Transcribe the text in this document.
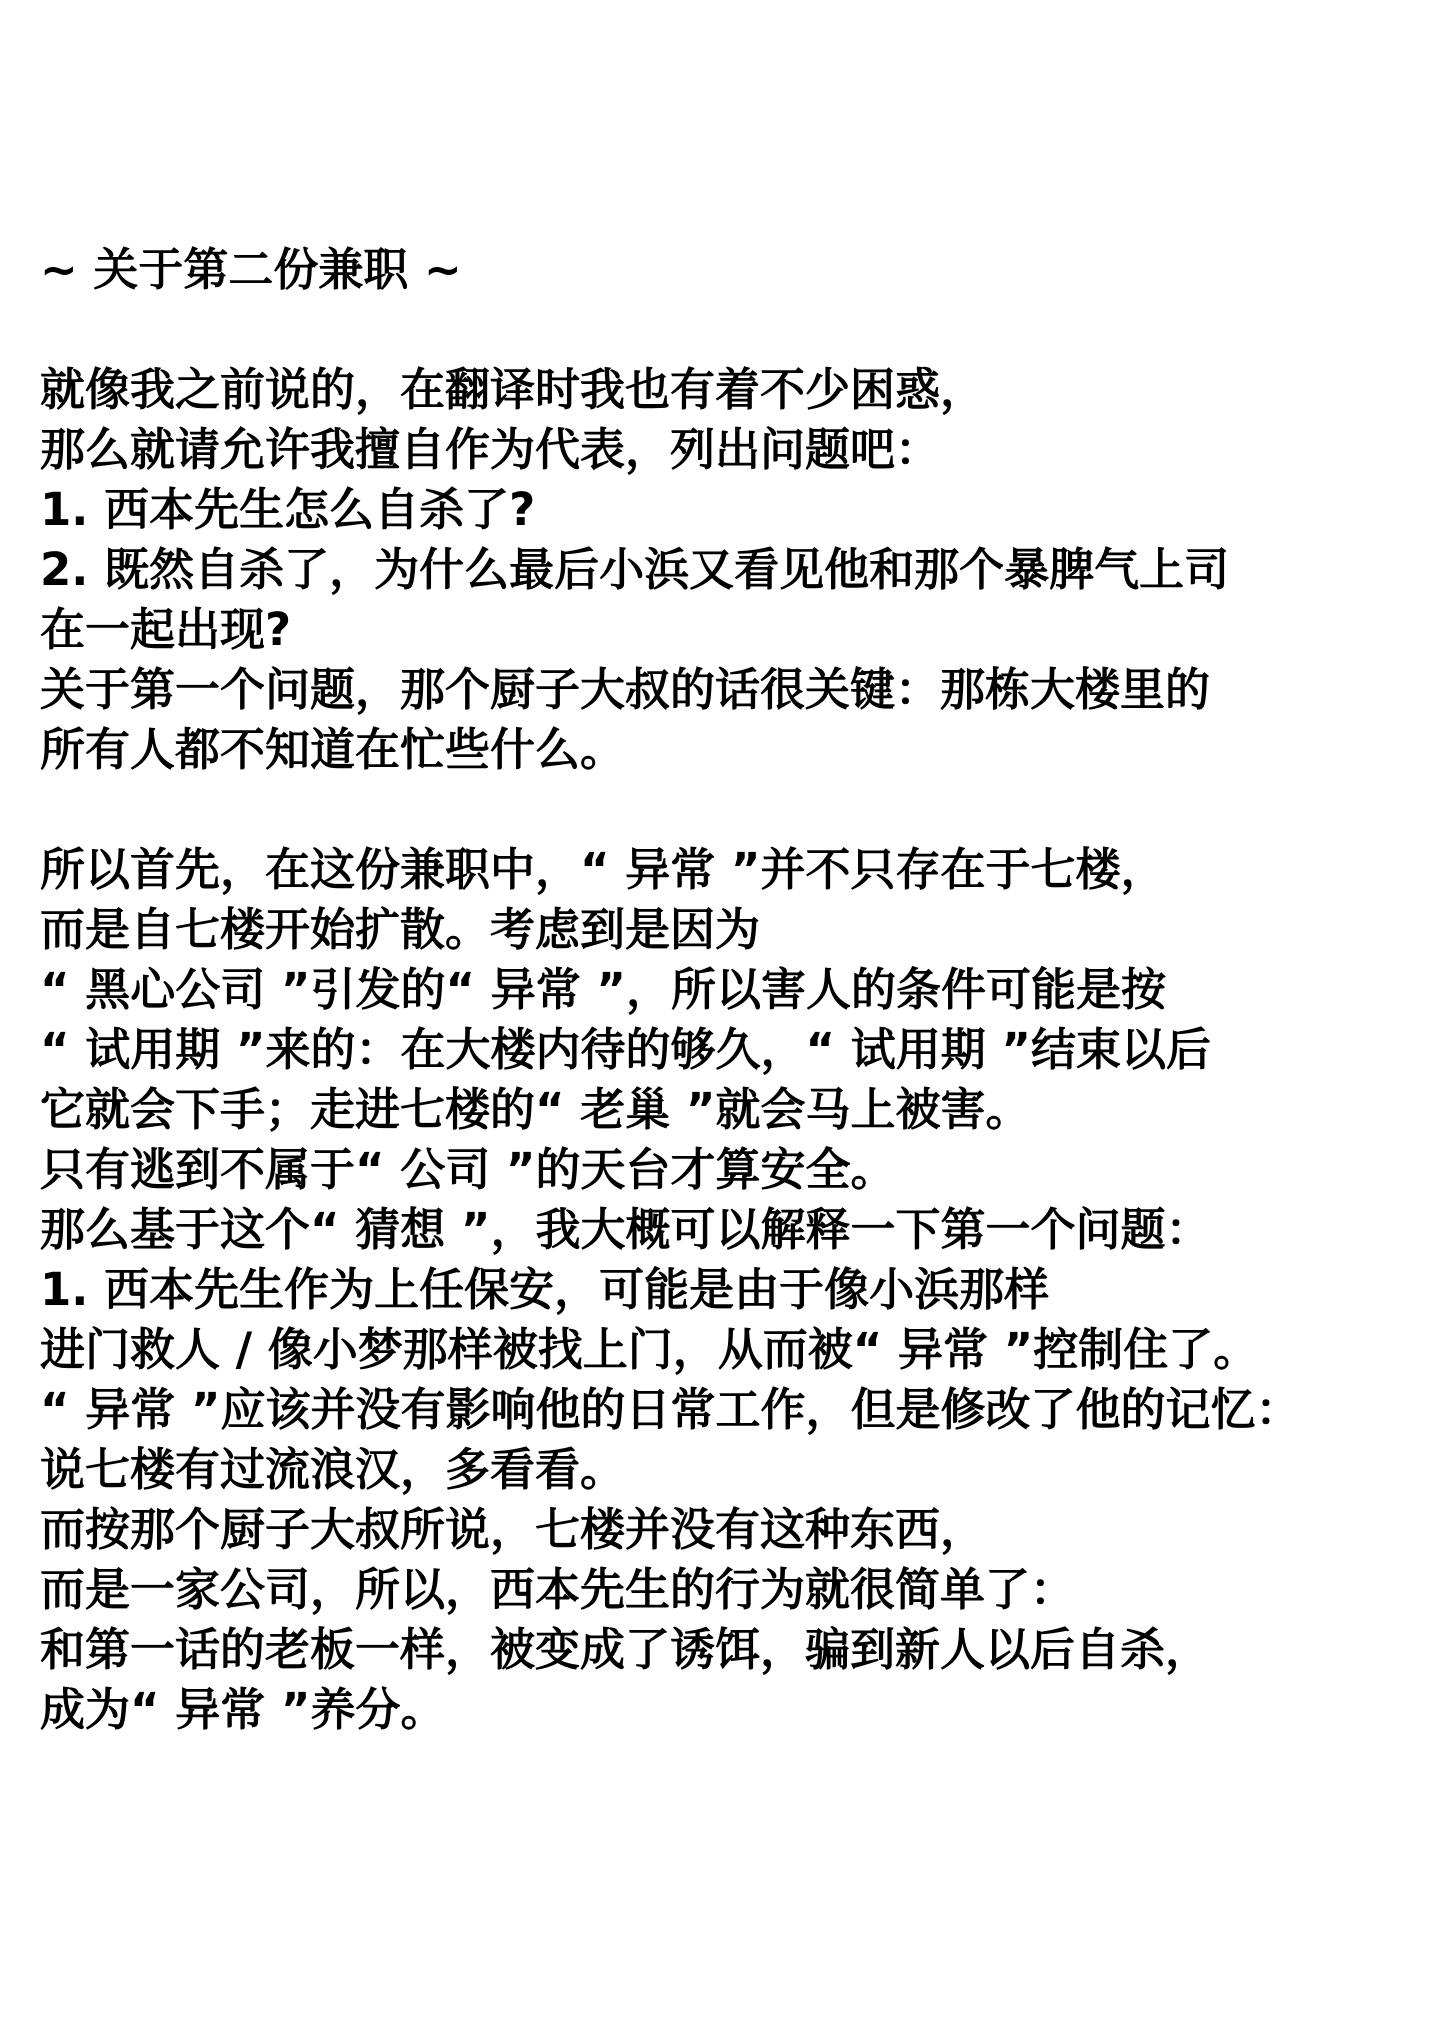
~ 关于第二份兼职 ~
就像我之前说的，在翻译时我也有着不少困惑，
那么就请允许我擅自作为代表，列出问题吧：
1. 西本先生怎么自杀了?
2. 既然自杀了，为什么最后小浜又看见他和那个暴脾气上司
在一起出现?
关于第一个问题，那个厨子大叔的话很关键：那栋大楼里的
所有人都不知道在忙些什么。
所以首先，在这份兼职中，“ 异常 ”并不只存在于七楼，
而是自七楼开始扩散。考虑到是因为
“ 黑心公司 ”引发的“ 异常 ”，所以害人的条件可能是按
“ 试用期 ”来的：在大楼内待的够久，“ 试用期 ”结束以后
它就会下手；走进七楼的“ 老巢 ”就会马上被害。
只有逃到不属于“ 公司 ”的天台才算安全。
那么基于这个“ 猜想 ”，我大概可以解释一下第一个问题：
1. 西本先生作为上任保安，可能是由于像小浜那样
进门救人 / 像小梦那样被找上门，从而被“ 异常 ”控制住了。
“ 异常 ”应该并没有影响他的日常工作，但是修改了他的记忆：
说七楼有过流浪汉，多看看。
而按那个厨子大叔所说，七楼并没有这种东西，
而是一家公司，所以，西本先生的行为就很简单了：
和第一话的老板一样，被变成了诱饵，骗到新人以后自杀，
成为“ 异常 ”养分。
